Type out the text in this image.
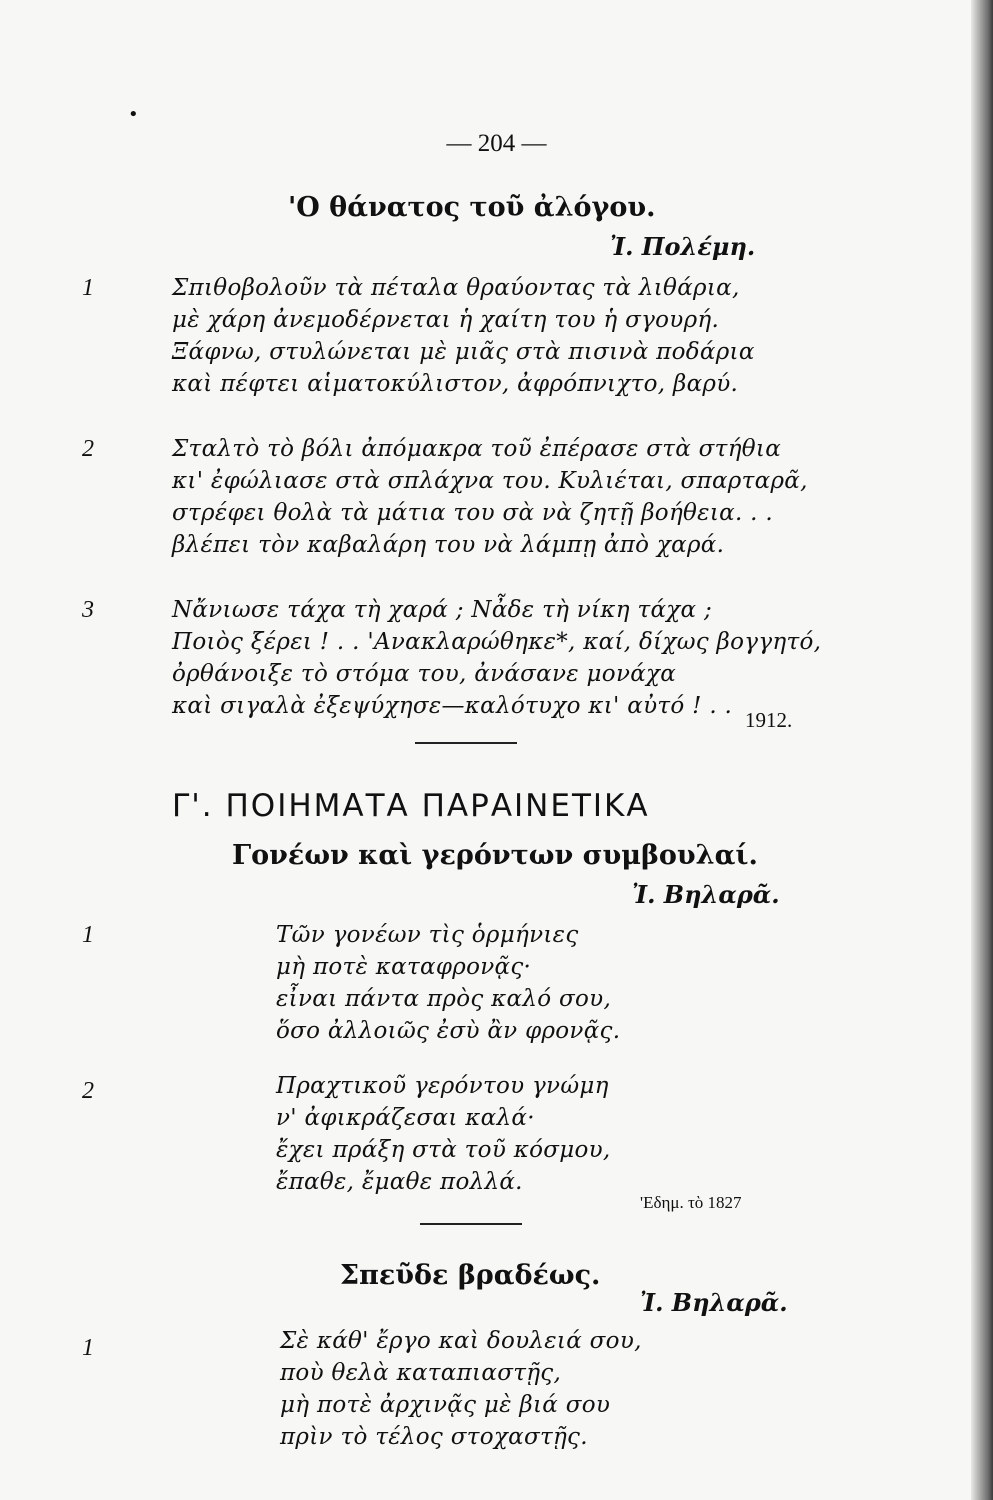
•
— 204 —
'Ο θάνατος τοῦ ἀλόγου.
Ἰ. Πολέμη.
1	Σπιθοβολοῦν τὰ πέταλα θραύοντας τὰ λιθάρια,
μὲ χάρη ἀνεμοδέρνεται ἡ χαίτη του ἡ σγουρή.
Ξάφνω, στυλώνεται μὲ μιᾶς στὰ πισινὰ ποδάρια
καὶ πέφτει αἱματοκύλιστον, ἀφρόπνιχτο, βαρύ.
2	Σταλτὸ τὸ βόλι ἀπόμακρα τοῦ ἐπέρασε στὰ στήθια
κι' ἐφώλιασε στὰ σπλάχνα του. Κυλιέται, σπαρταρᾶ,
στρέφει θολὰ τὰ μάτια του σὰ νὰ ζητῇ βοήθεια. . .
βλέπει τὸν καβαλάρη του νὰ λάμπῃ ἀπὸ χαρά.
3	Νἄνιωσε τάχα τὴ χαρά ; Νἆδε τὴ νίκη τάχα ;
Ποιὸς ξέρει ! . . 'Ανακλαρώθηκε*, καί, δίχως βογγητό,
ὀρθάνοιξε τὸ στόμα του, ἀνάσανε μονάχα
καὶ σιγαλὰ ἐξεψύχησε—καλότυχο κι' αὐτό ! . .
1912.
Γ'. ΠΟΙΗΜΑΤΑ ΠΑΡΑΙΝΕΤΙΚΑ
Γονέων καὶ γερόντων συμβουλαί.
Ἰ. Βηλαρᾶ.
1	Τῶν γονέων τὶς ὁρμήνιες
μὴ ποτὲ καταφρονᾷς·
εἶναι πάντα πρὸς καλό σου,
ὅσο ἀλλοιῶς ἐσὺ ἂν φρονᾷς.
2	Πραχτικοῦ γερόντου γνώμη
ν' ἀφικράζεσαι καλά·
ἔχει πράξη στὰ τοῦ κόσμου,
ἔπαθε, ἔμαθε πολλά.
'Εδημ. τὸ 1827
Σπεῦδε βραδέως.
Ἰ. Βηλαρᾶ.
1	Σὲ κάθ' ἔργο καὶ δουλειά σου,
ποὺ θελὰ καταπιαστῇς,
μὴ ποτὲ ἀρχινᾷς μὲ βιά σου
πρὶν τὸ τέλος στοχαστῇς.
